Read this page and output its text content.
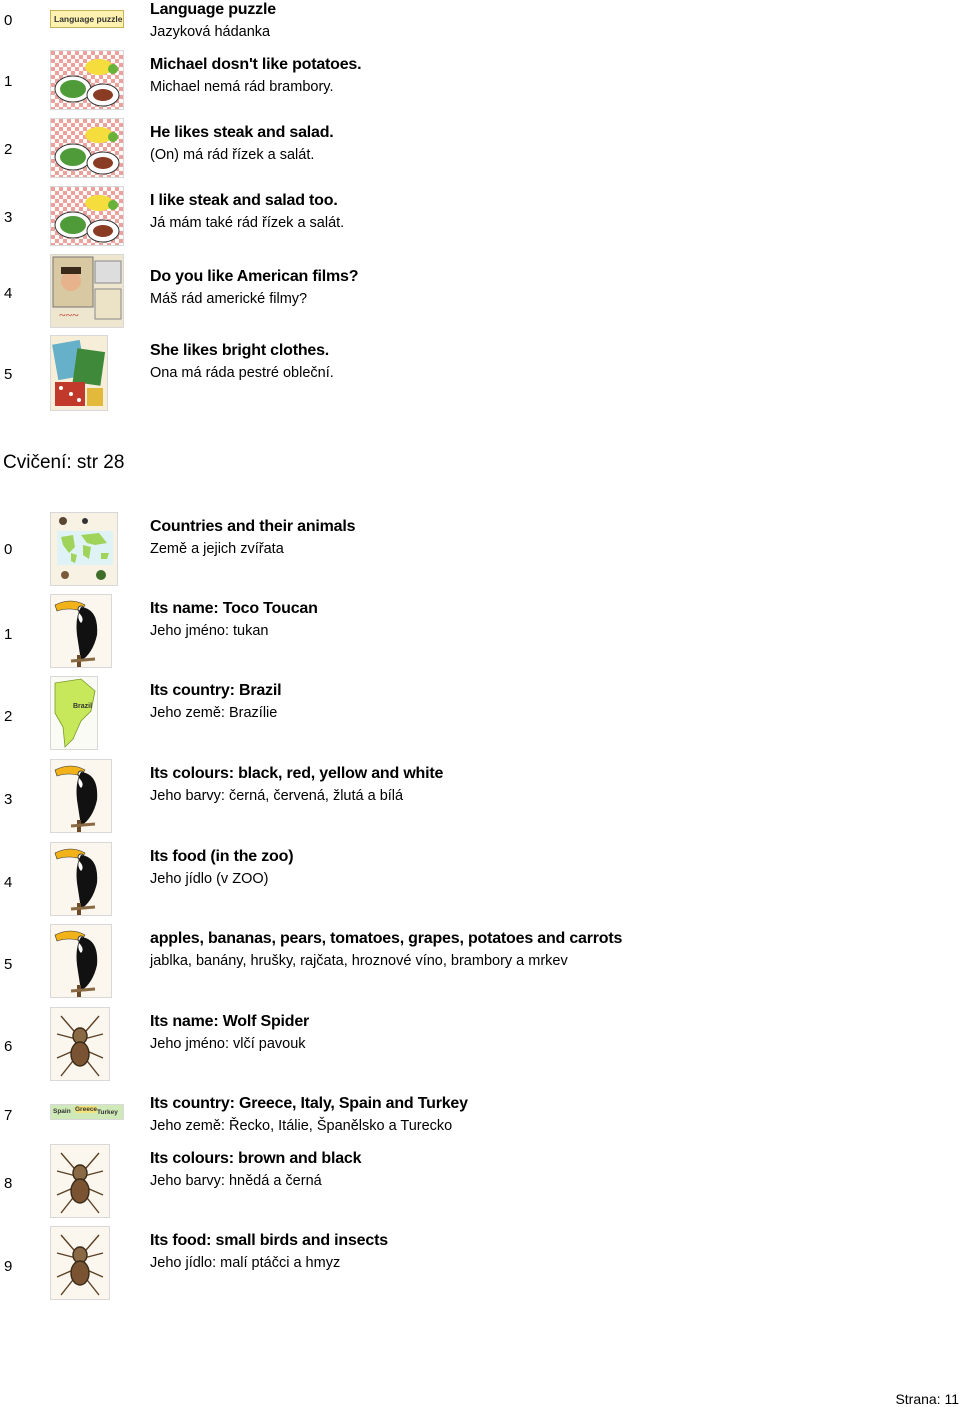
0	Language puzzle
Language puzzle
Jazyková hádanka
1
Michael dosn't like potatoes.
Michael nemá rád brambory.
2
He likes steak and salad.
(On) má rád řízek a salát.
3
I like steak and salad too.
Já mám také rád řízek a salát.
4
~~~
Do you like American films?
Máš rád americké filmy?
5
She likes bright clothes.
Ona má ráda pestré obleční.
Cvičení: str 28
0
Countries and their animals
Země a jejich zvířata
1
Its name: Toco Toucan
Jeho jméno: tukan
2
Brazil
Its country: Brazil
Jeho země: Brazílie
3
Its colours: black, red, yellow and white
Jeho barvy: černá, červená, žlutá a bílá
4
Its food (in the zoo)
Jeho jídlo (v ZOO)
5
apples, bananas, pears, tomatoes, grapes, potatoes and carrots
jablka, banány, hrušky, rajčata, hroznové víno, brambory a mrkev
6
Its name: Wolf Spider
Jeho jméno: vlčí pavouk
7	Spain Greece Turkey
Its country: Greece, Italy, Spain and Turkey
Jeho země: Řecko, Itálie, Španělsko a Turecko
8
Its colours: brown and black
Jeho barvy: hnědá a černá
9
Its food: small birds and insects
Jeho jídlo: malí ptáčci a hmyz
Strana: 11
